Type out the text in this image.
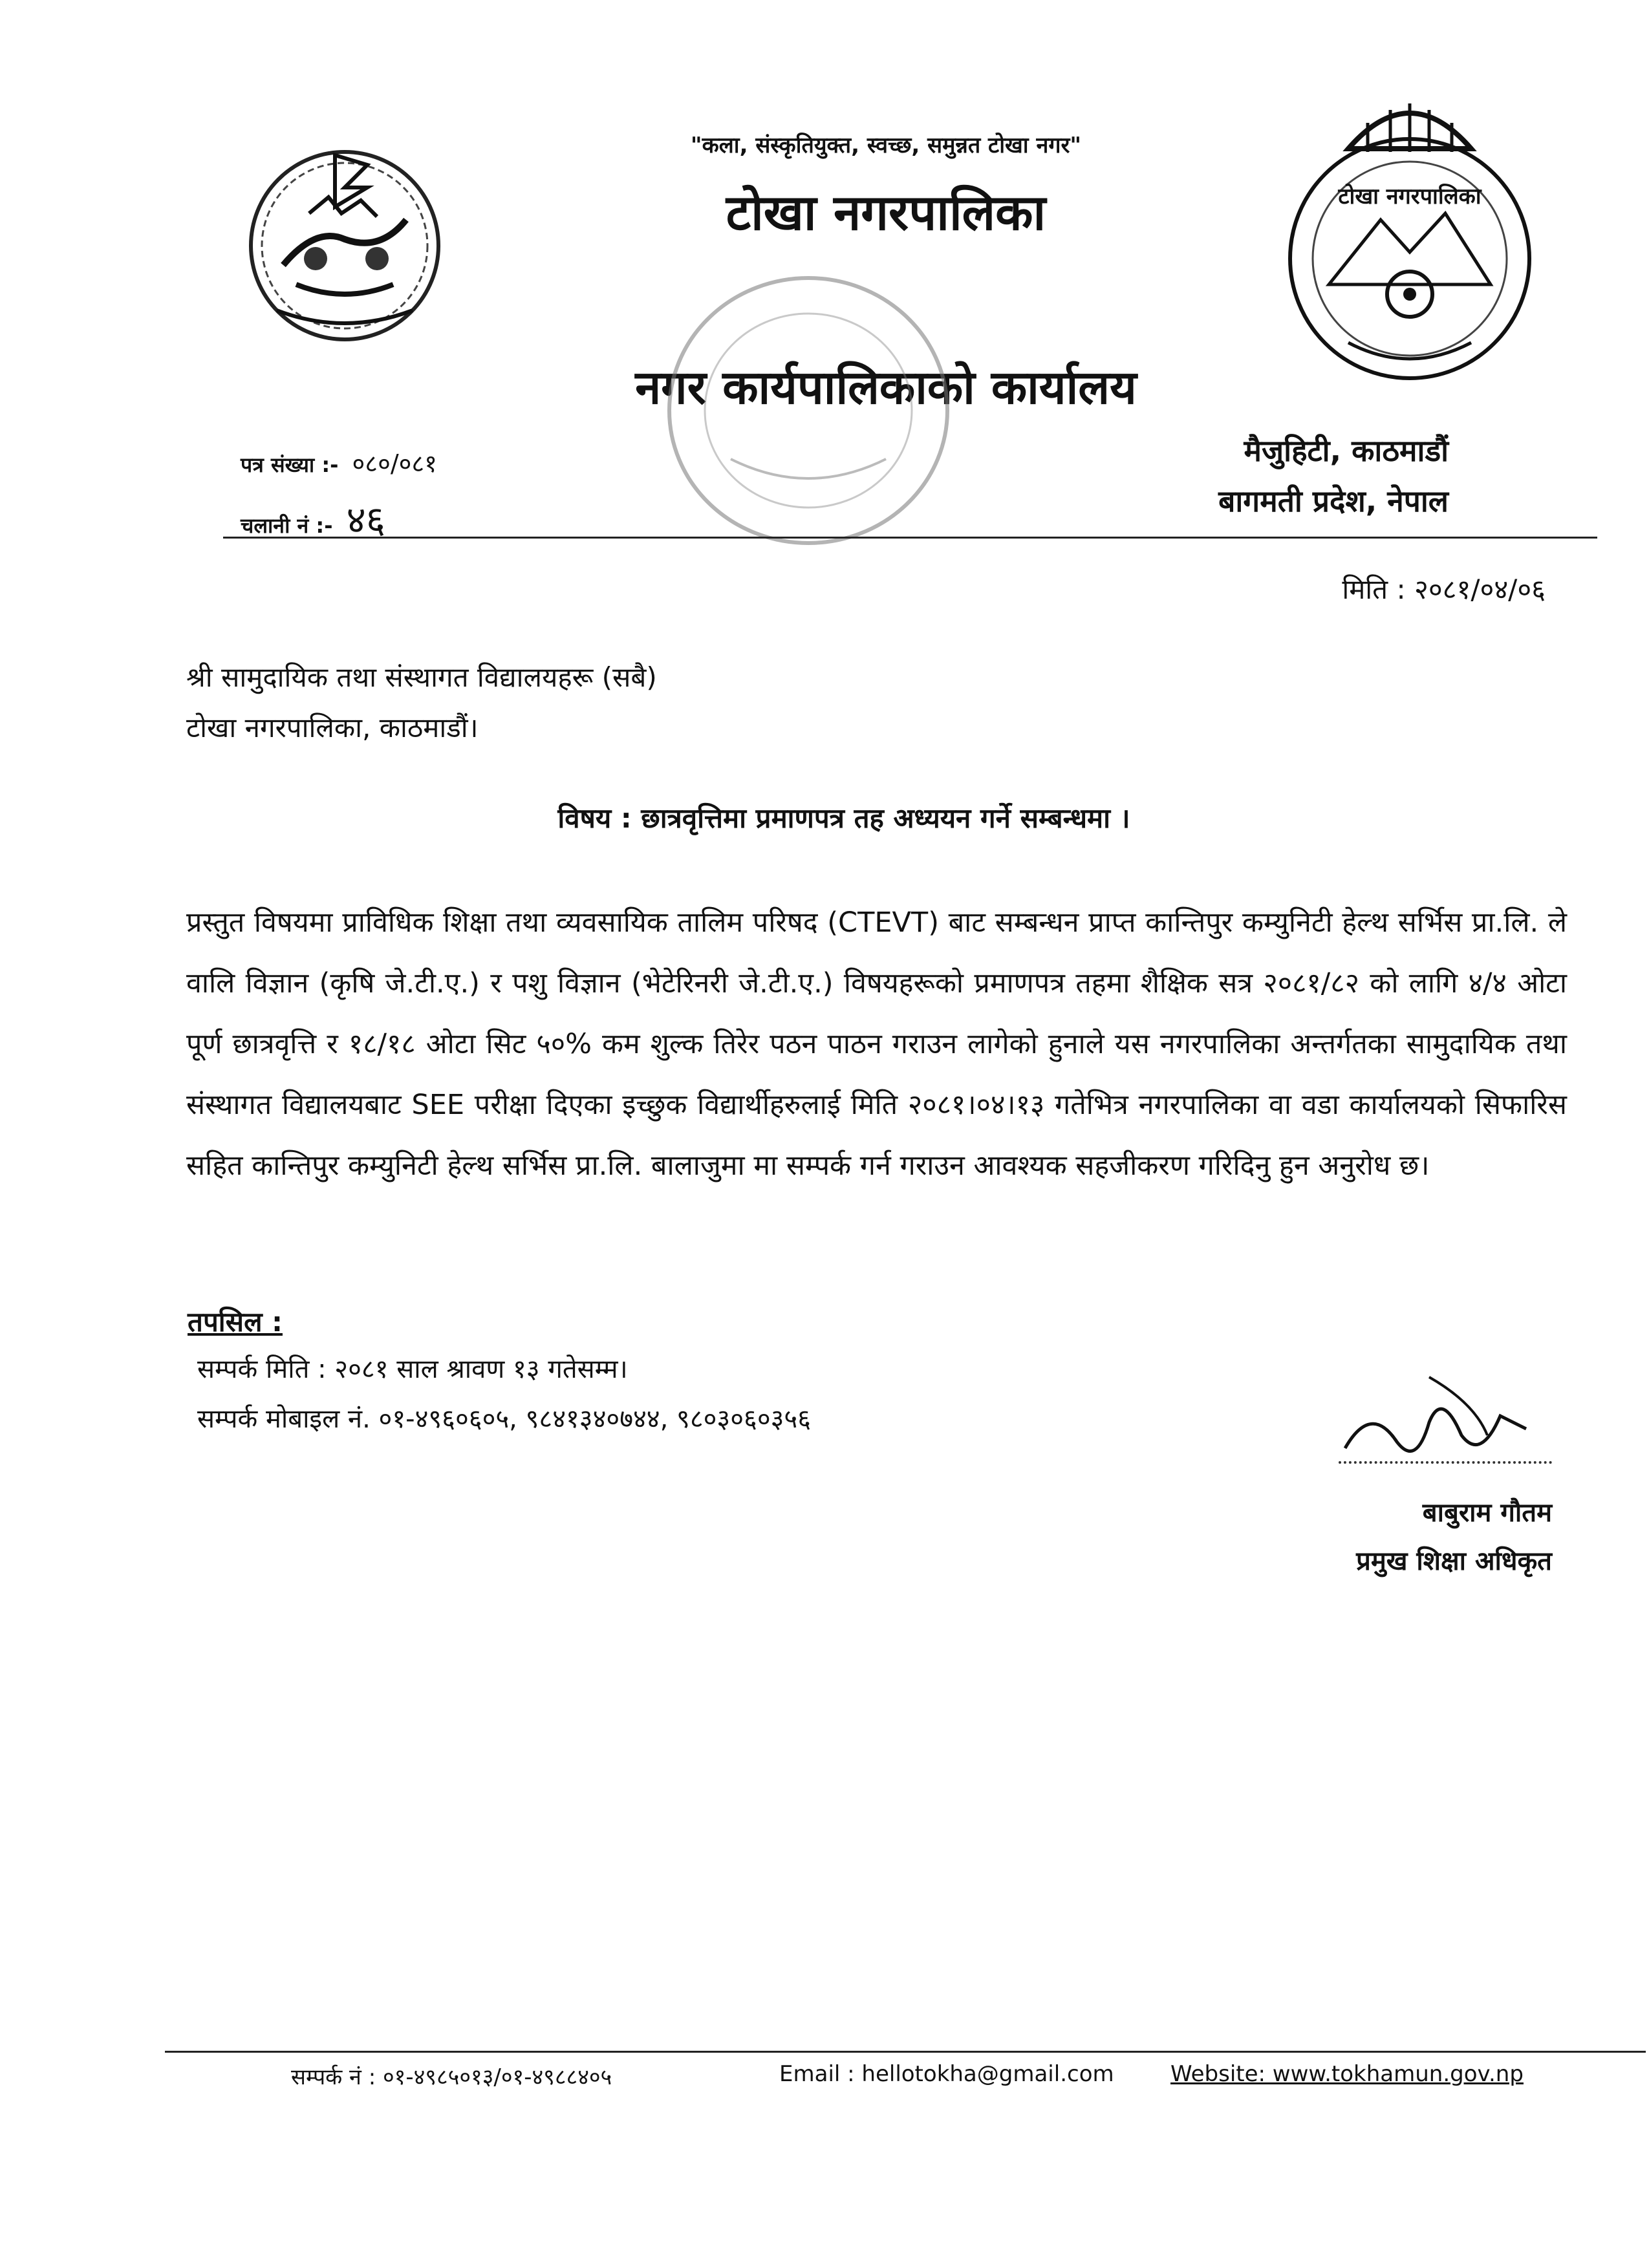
"कला, संस्कृतियुक्त, स्वच्छ, समुन्नत टोखा नगर"
टोखा नगरपालिका
नगर कार्यपालिकाको कार्यालय
टोखा नगरपालिका
पत्र संख्या :- ०८०/०८१
चलानी नं :- ४६
मैजुहिटी, काठमाडौं
बागमती प्रदेश, नेपाल
मिति : २०८१/०४/०६
श्री सामुदायिक तथा संस्थागत विद्यालयहरू (सबै)
टोखा नगरपालिका, काठमाडौं।
विषय : छात्रवृत्तिमा प्रमाणपत्र तह अध्ययन गर्ने सम्बन्धमा ।
प्रस्तुत विषयमा प्राविधिक शिक्षा तथा व्यवसायिक तालिम परिषद (CTEVT) बाट सम्बन्धन प्राप्त कान्तिपुर कम्युनिटी हेल्थ सर्भिस प्रा.लि. ले वालि विज्ञान (कृषि जे.टी.ए.) र पशु विज्ञान (भेटेरिनरी जे.टी.ए.) विषयहरूको प्रमाणपत्र तहमा शैक्षिक सत्र २०८१/८२ को लागि ४/४ ओटा पूर्ण छात्रवृत्ति र १८/१८ ओटा सिट ५०% कम शुल्क तिरेर पठन पाठन गराउन लागेको हुनाले यस नगरपालिका अन्तर्गतका सामुदायिक तथा संस्थागत विद्यालयबाट SEE परीक्षा दिएका इच्छुक विद्यार्थीहरुलाई मिति २०८१।०४।१३ गतेभित्र नगरपालिका वा वडा कार्यालयको सिफारिस सहित कान्तिपुर कम्युनिटी हेल्थ सर्भिस प्रा.लि. बालाजुमा मा सम्पर्क गर्न गराउन आवश्यक सहजीकरण गरिदिनु हुन अनुरोध छ।
तपसिल :
सम्पर्क मिति : २०८१ साल श्रावण १३ गतेसम्म।
सम्पर्क मोबाइल नं. ०१-४९६०६०५, ९८४१३४०७४४, ९८०३०६०३५६
बाबुराम गौतम
प्रमुख शिक्षा अधिकृत
सम्पर्क नं : ०१-४९८५०१३/०१-४९८८४०५	Email : hellotokha@gmail.com	Website: www.tokhamun.gov.np
